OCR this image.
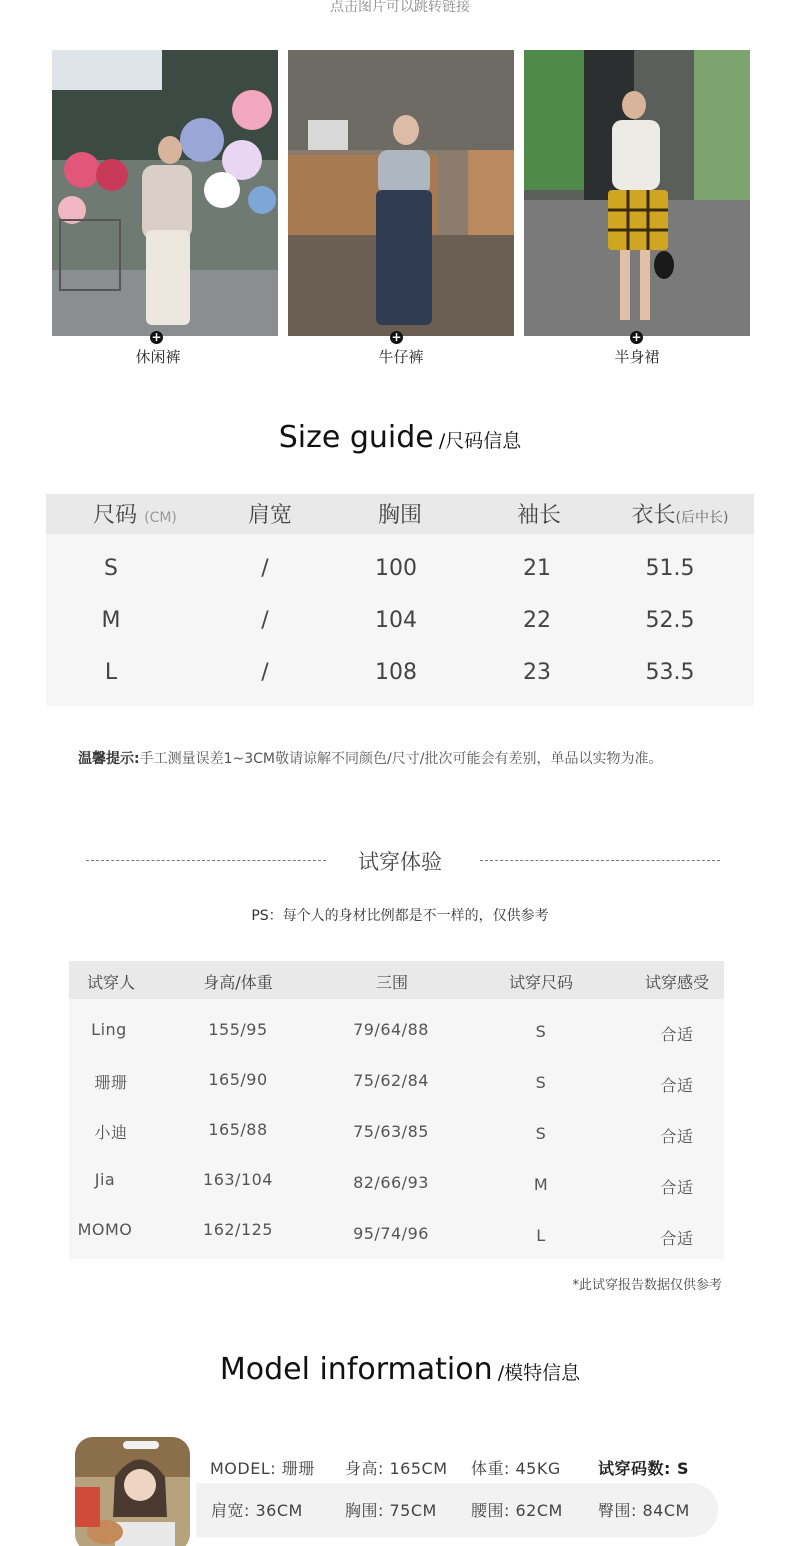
点击图片可以跳转链接
+
休闲裤
+
牛仔裤
+
半身裙
Size guide /尺码信息
尺码 (CM)	肩宽	胸围	袖长	衣长(后中长)
S	/	100	21	51.5
M	/	104	22	52.5
L	/	108	23	53.5
温馨提示:手工测量误差1~3CM敬请谅解不同颜色/尺寸/批次可能会有差别，单品以实物为准。
试穿体验
PS：每个人的身材比例都是不一样的，仅供参考
试穿人	身高/体重	三围	试穿尺码	试穿感受
Ling	155/95	79/64/88	S	合适
珊珊	165/90	75/62/84	S	合适
小迪	165/88	75/63/85	S	合适
Jia	163/104	82/66/93	M	合适
MOMO	162/125	95/74/96	L	合适
*此试穿报告数据仅供参考
Model information /模特信息
MODEL: 珊珊 身高: 165CM 体重: 45KG 试穿码数: S
肩宽: 36CM	胸围: 75CM 腰围: 62CM 臀围: 84CM
